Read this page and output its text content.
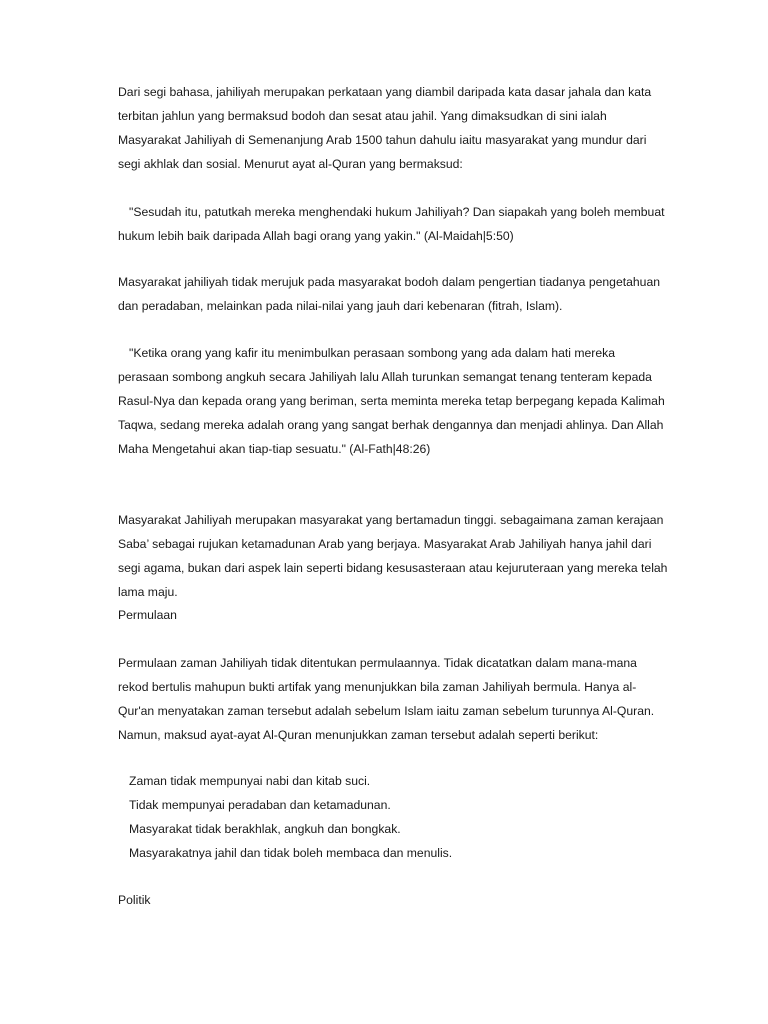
Dari segi bahasa, jahiliyah merupakan perkataan yang diambil daripada kata dasar jahala dan kata
terbitan jahlun yang bermaksud bodoh dan sesat atau jahil. Yang dimaksudkan di sini ialah
Masyarakat Jahiliyah di Semenanjung Arab 1500 tahun dahulu iaitu masyarakat yang mundur dari
segi akhlak dan sosial. Menurut ayat al-Quran yang bermaksud:
"Sesudah itu, patutkah mereka menghendaki hukum Jahiliyah? Dan siapakah yang boleh membuat
hukum lebih baik daripada Allah bagi orang yang yakin." (Al-Maidah|5:50)
Masyarakat jahiliyah tidak merujuk pada masyarakat bodoh dalam pengertian tiadanya pengetahuan
dan peradaban, melainkan pada nilai-nilai yang jauh dari kebenaran (fitrah, Islam).
"Ketika orang yang kafir itu menimbulkan perasaan sombong yang ada dalam hati mereka
perasaan sombong angkuh secara Jahiliyah lalu Allah turunkan semangat tenang tenteram kepada
Rasul-Nya dan kepada orang yang beriman, serta meminta mereka tetap berpegang kepada Kalimah
Taqwa, sedang mereka adalah orang yang sangat berhak dengannya dan menjadi ahlinya. Dan Allah
Maha Mengetahui akan tiap-tiap sesuatu." (Al-Fath|48:26)
Masyarakat Jahiliyah merupakan masyarakat yang bertamadun tinggi. sebagaimana zaman kerajaan
Saba’ sebagai rujukan ketamadunan Arab yang berjaya. Masyarakat Arab Jahiliyah hanya jahil dari
segi agama, bukan dari aspek lain seperti bidang kesusasteraan atau kejuruteraan yang mereka telah
lama maju.
Permulaan
Permulaan zaman Jahiliyah tidak ditentukan permulaannya. Tidak dicatatkan dalam mana-mana
rekod bertulis mahupun bukti artifak yang menunjukkan bila zaman Jahiliyah bermula. Hanya al-
Qur'an menyatakan zaman tersebut adalah sebelum Islam iaitu zaman sebelum turunnya Al-Quran.
Namun, maksud ayat-ayat Al-Quran menunjukkan zaman tersebut adalah seperti berikut:
Zaman tidak mempunyai nabi dan kitab suci.
Tidak mempunyai peradaban dan ketamadunan.
Masyarakat tidak berakhlak, angkuh dan bongkak.
Masyarakatnya jahil dan tidak boleh membaca dan menulis.
Politik
